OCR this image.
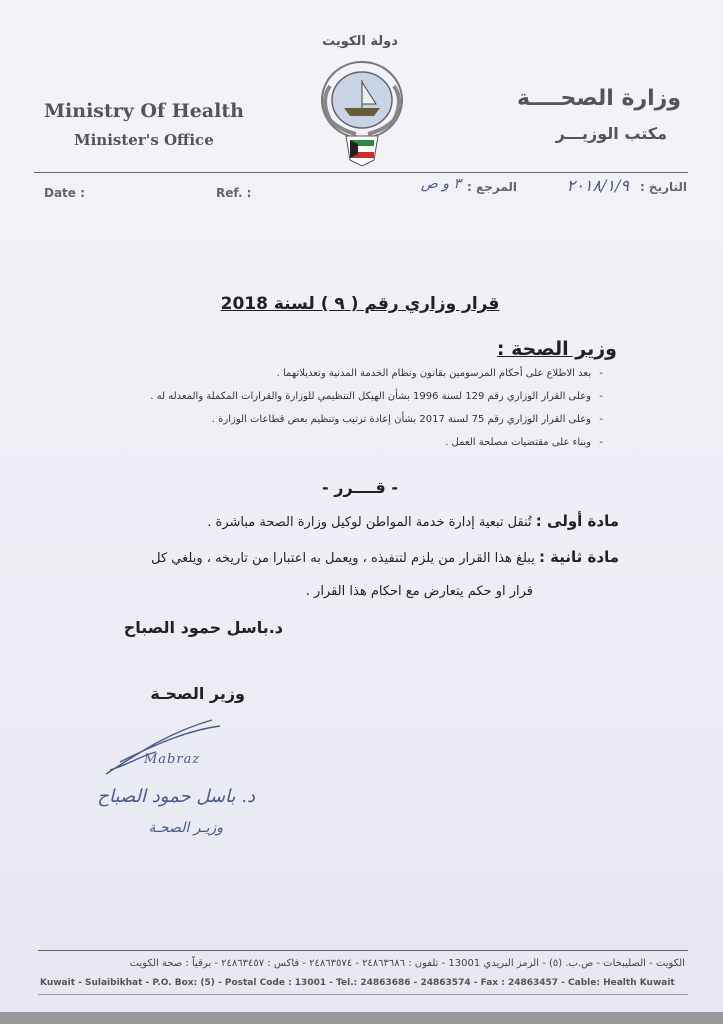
دولة الكويت
Ministry Of Health
Minister's Office
وزارة الصحــــة
مكتب الوزيـــر
Date :	Ref. :	التاريخ :
٢٠١٨/١/٩
المرجع :
٣ و ص
قرار وزاري رقم ( ٩ ) لسنة 2018
وزير الصحة :
-بعد الاطلاع على أحكام المرسومين بقانون ونظام الخدمة المدنية وتعديلاتهما .
-وعلى القرار الوزاري رقم 129 لسنة 1996 بشأن الهيكل التنظيمي للوزارة والقرارات المكملة والمعدله له .
-وعلى القرار الوزاري رقم 75 لسنة 2017 بشأن إعادة ترتيب وتنظيم بعض قطاعات الوزارة .
-وبناء على مقتضيات مصلحة العمل .
- قــــرر -
مادة أولى : تُنقل تبعية إدارة خدمة المواطن لوكيل وزارة الصحة مباشرة .
مادة ثانية : يبلغ هذا القرار من يلزم لتنفيذه ، ويعمل به اعتبارا من تاريخه ، ويلغي كل
قرار او حكم يتعارض مع احكام هذا القرار .
د.باسل حمود الصباح
وزير الصحـة
Mabraz
د. باسل حمود الصباح
وزيـر الصحـة
الكويت - الصليبخات - ص.ب. (٥) - الرمز البريدي 13001 - تلفون : ٢٤٨٦٣٦٨٦ - ٢٤٨٦٣٥٧٤ - فاكس : ٢٤٨٦٣٤٥٧ - برقياً : صحة الكويت
Kuwait - Sulaibikhat - P.O. Box: (5) - Postal Code : 13001 - Tel.: 24863686 - 24863574 - Fax : 24863457 - Cable: Health Kuwait
